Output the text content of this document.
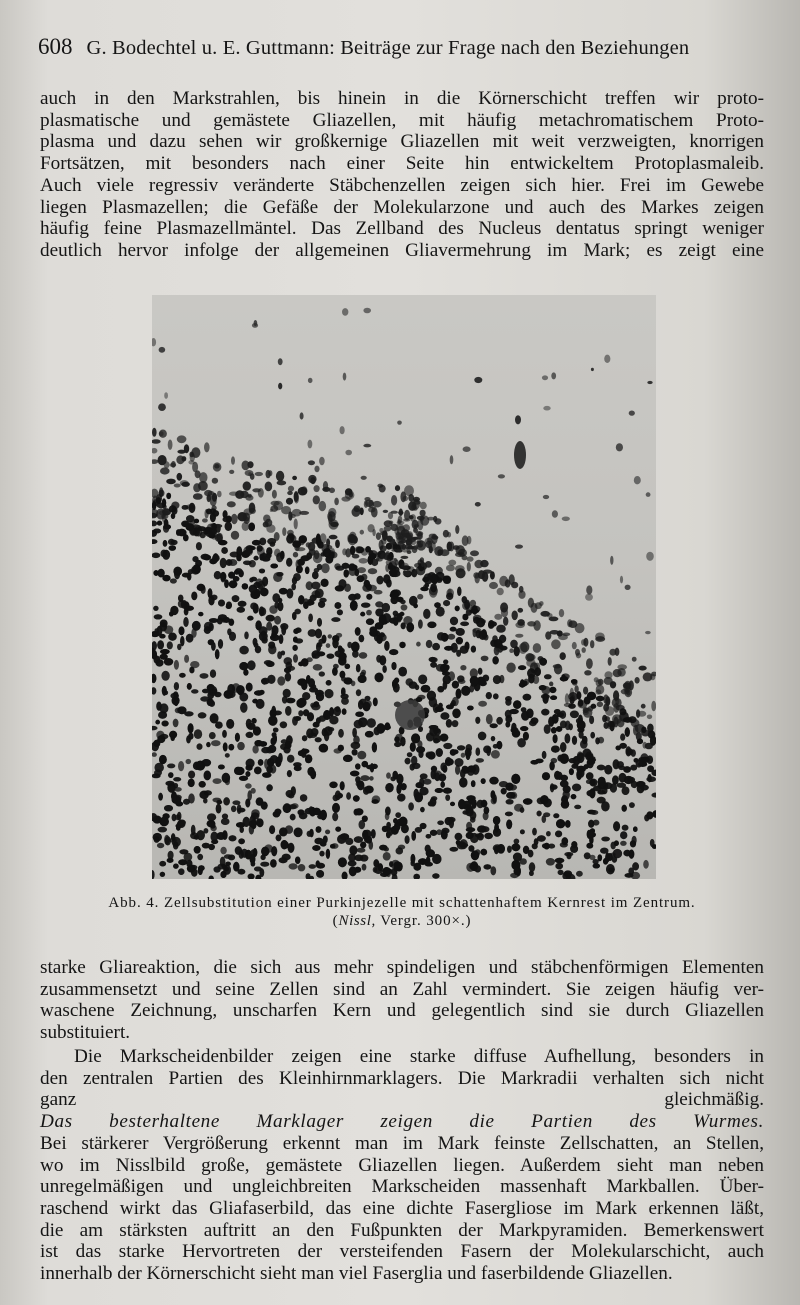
608 G. Bodechtel u. E. Guttmann: Beiträge zur Frage nach den Beziehungen

auch in den Markstrahlen, bis hinein in die Körnerschicht treffen wir proto-
plasmatische und gemästete Gliazellen, mit häufig metachromatischem Proto-
plasma und dazu sehen wir großkernige Gliazellen mit weit verzweigten, knorrigen
Fortsätzen, mit besonders nach einer Seite hin entwickeltem Protoplasmaleib.
Auch viele regressiv veränderte Stäbchenzellen zeigen sich hier. Frei im Gewebe
liegen Plasmazellen; die Gefäße der Molekularzone und auch des Markes zeigen
häufig feine Plasmazellmäntel. Das Zellband des Nucleus dentatus springt weniger
deutlich hervor infolge der allgemeinen Gliavermehrung im Mark; es zeigt eine

Abb. 4. Zellsubstitution einer Purkinjezelle mit schattenhaftem Kernrest im Zentrum.
(Nissl, Vergr. 300×.)

starke Gliareaktion, die sich aus mehr spindeligen und stäbchenförmigen Elementen
zusammensetzt und seine Zellen sind an Zahl vermindert. Sie zeigen häufig ver-
waschene Zeichnung, unscharfen Kern und gelegentlich sind sie durch Gliazellen
substituiert.

Die Markscheidenbilder zeigen eine starke diffuse Aufhellung, besonders in
den zentralen Partien des Kleinhirnmarklagers. Die Markradii verhalten sich nicht
ganz gleichmäßig.
Das besterhaltene Marklager zeigen die Partien des Wurmes.
Bei stärkerer Vergrößerung erkennt man im Mark feinste Zellschatten, an Stellen,
wo im Nisslbild große, gemästete Gliazellen liegen. Außerdem sieht man neben
unregelmäßigen und ungleichbreiten Markscheiden massenhaft Markballen. Über-
raschend wirkt das Gliafaserbild, das eine dichte Fasergliose im Mark erkennen läßt,
die am stärksten auftritt an den Fußpunkten der Markpyramiden. Bemerkenswert
ist das starke Hervortreten der versteifenden Fasern der Molekularschicht, auch
innerhalb der Körnerschicht sieht man viel Faserglia und faserbildende Gliazellen.
